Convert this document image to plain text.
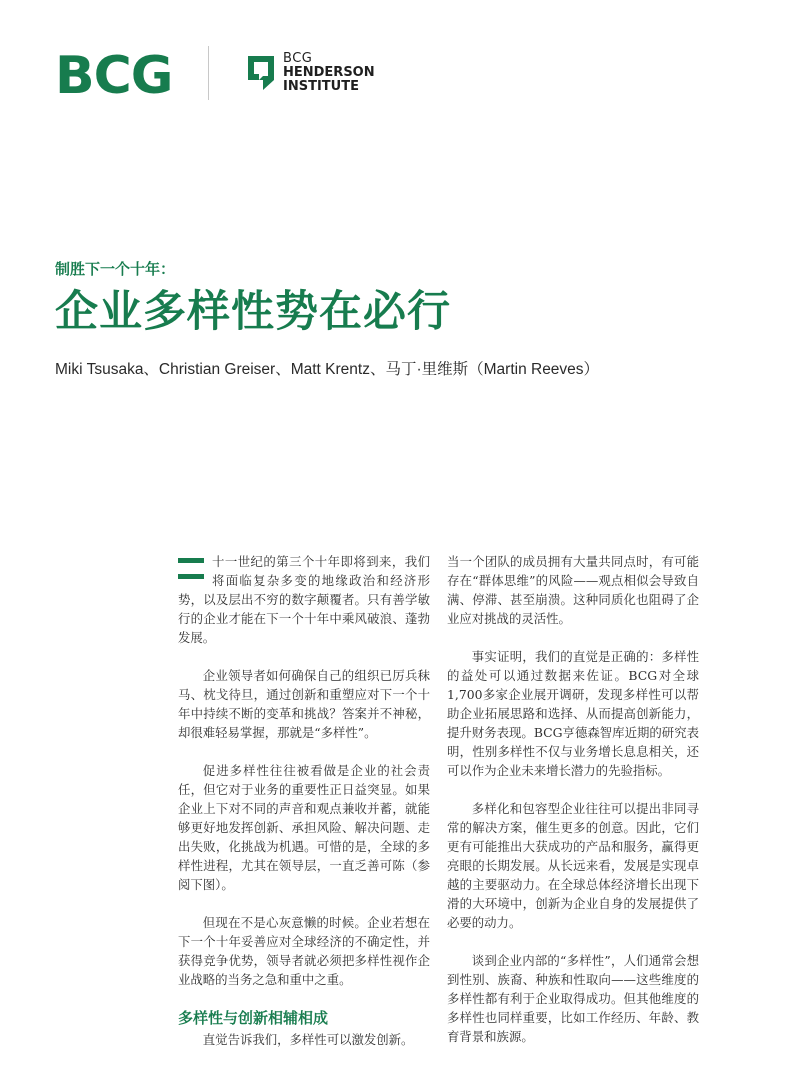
BCG	BCG
HENDERSON
INSTITUTE
制胜下一个十年：
企业多样性势在必行
Miki Tsusaka、Christian Greiser、Matt Krentz、马丁·里维斯（Martin Reeves）

十一世纪的第三个十年即将到来，我们将面临复杂多变的地缘政治和经济形势，以及层出不穷的数字颠覆者。只有善学敏行的企业才能在下一个十年中乘风破浪、蓬勃发展。

企业领导者如何确保自己的组织已厉兵秣马、枕戈待旦，通过创新和重塑应对下一个十年中持续不断的变革和挑战？答案并不神秘，却很难轻易掌握，那就是“多样性”。

促进多样性往往被看做是企业的社会责任，但它对于业务的重要性正日益突显。如果企业上下对不同的声音和观点兼收并蓄，就能够更好地发挥创新、承担风险、解决问题、走出失败，化挑战为机遇。可惜的是，全球的多样性进程，尤其在领导层，一直乏善可陈（参阅下图）。

但现在不是心灰意懒的时候。企业若想在下一个十年妥善应对全球经济的不确定性，并获得竞争优势，领导者就必须把多样性视作企业战略的当务之急和重中之重。

多样性与创新相辅相成

直觉告诉我们，多样性可以激发创新。

当一个团队的成员拥有大量共同点时，有可能存在“群体思维”的风险——观点相似会导致自满、停滞、甚至崩溃。这种同质化也阻碍了企业应对挑战的灵活性。

事实证明，我们的直觉是正确的：多样性的益处可以通过数据来佐证。BCG对全球1,700多家企业展开调研，发现多样性可以帮助企业拓展思路和选择、从而提高创新能力，提升财务表现。BCG亨德森智库近期的研究表明，性别多样性不仅与业务增长息息相关，还可以作为企业未来增长潜力的先验指标。

多样化和包容型企业往往可以提出非同寻常的解决方案，催生更多的创意。因此，它们更有可能推出大获成功的产品和服务，赢得更亮眼的长期发展。从长远来看，发展是实现卓越的主要驱动力。在全球总体经济增长出现下滑的大环境中，创新为企业自身的发展提供了必要的动力。

谈到企业内部的“多样性”，人们通常会想到性别、族裔、种族和性取向——这些维度的多样性都有利于企业取得成功。但其他维度的多样性也同样重要，比如工作经历、年龄、教育背景和族源。
